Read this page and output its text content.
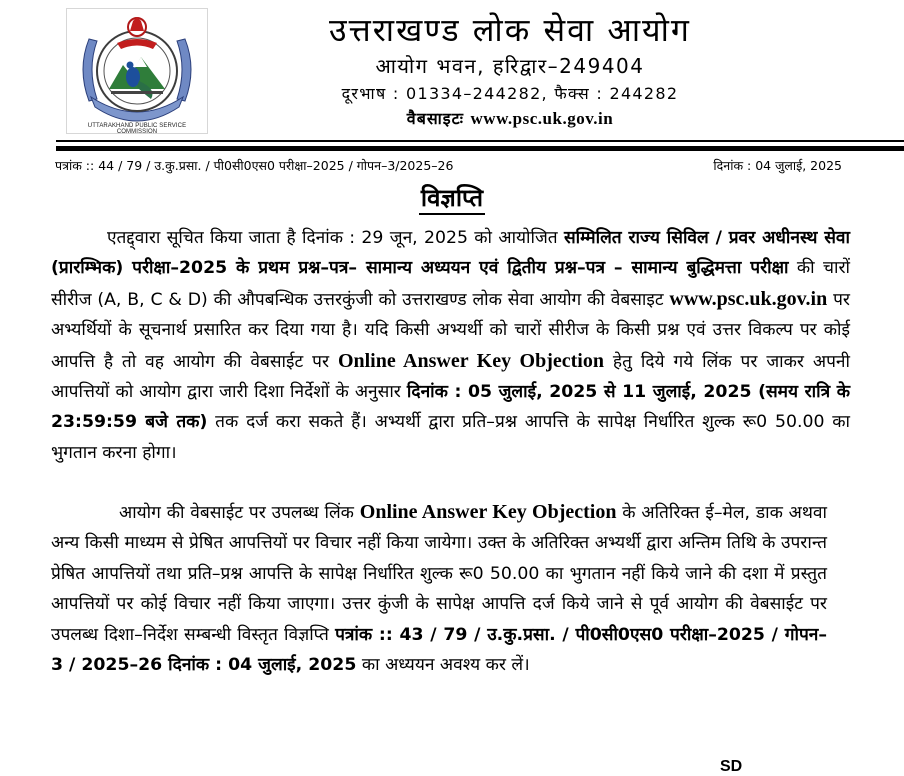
UTTARAKHAND PUBLIC SERVICE COMMISSION
उत्तराखण्ड लोक सेवा आयोग
आयोग भवन, हरिद्वार–249404
दूरभाष : 01334–244282, फैक्स : 244282
वैबसाइटः www.psc.uk.gov.in
पत्रांक :: 44 / 79 / उ.कु.प्रसा. / पी0सी0एस0 परीक्षा–2025 / गोपन–3/2025–26	दिनांक : 04 जुलाई, 2025
विज्ञप्ति
एतद्द्वारा सूचित किया जाता है दिनांक : 29 जून, 2025 को आयोजित सम्मिलित राज्य सिविल / प्रवर अधीनस्थ सेवा (प्रारम्भिक) परीक्षा–2025 के प्रथम प्रश्न–पत्र– सामान्य अध्ययन एवं द्वितीय प्रश्न–पत्र – सामान्य बुद्धिमत्ता परीक्षा की चारों सीरीज (A, B, C & D) की औपबन्धिक उत्तरकुंजी को उत्तराखण्ड लोक सेवा आयोग की वेबसाइट www.psc.uk.gov.in पर अभ्यर्थियों के सूचनार्थ प्रसारित कर दिया गया है। यदि किसी अभ्यर्थी को चारों सीरीज के किसी प्रश्न एवं उत्तर विकल्प पर कोई आपत्ति है तो वह आयोग की वेबसाईट पर Online Answer Key Objection हेतु दिये गये लिंक पर जाकर अपनी आपत्तियों को आयोग द्वारा जारी दिशा निर्देशों के अनुसार दिनांक : 05 जुलाई, 2025 से 11 जुलाई, 2025 (समय रात्रि के 23:59:59 बजे तक) तक दर्ज करा सकते हैं। अभ्यर्थी द्वारा प्रति–प्रश्न आपत्ति के सापेक्ष निर्धारित शुल्क रू0 50.00 का भुगतान करना होगा।
आयोग की वेबसाईट पर उपलब्ध लिंक Online Answer Key Objection के अतिरिक्त ई–मेल, डाक अथवा अन्य किसी माध्यम से प्रेषित आपत्तियों पर विचार नहीं किया जायेगा। उक्त के अतिरिक्त अभ्यर्थी द्वारा अन्तिम तिथि के उपरान्त प्रेषित आपत्तियों तथा प्रति–प्रश्न आपत्ति के सापेक्ष निर्धारित शुल्क रू0 50.00 का भुगतान नहीं किये जाने की दशा में प्रस्तुत आपत्तियों पर कोई विचार नहीं किया जाएगा। उत्तर कुंजी के सापेक्ष आपत्ति दर्ज किये जाने से पूर्व आयोग की वेबसाईट पर उपलब्ध दिशा–निर्देश सम्बन्धी विस्तृत विज्ञप्ति पत्रांक :: 43 / 79 / उ.कु.प्रसा. / पी0सी0एस0 परीक्षा–2025 / गोपन–3 / 2025–26 दिनांक : 04 जुलाई, 2025 का अध्ययन अवश्य कर लें।
SD
